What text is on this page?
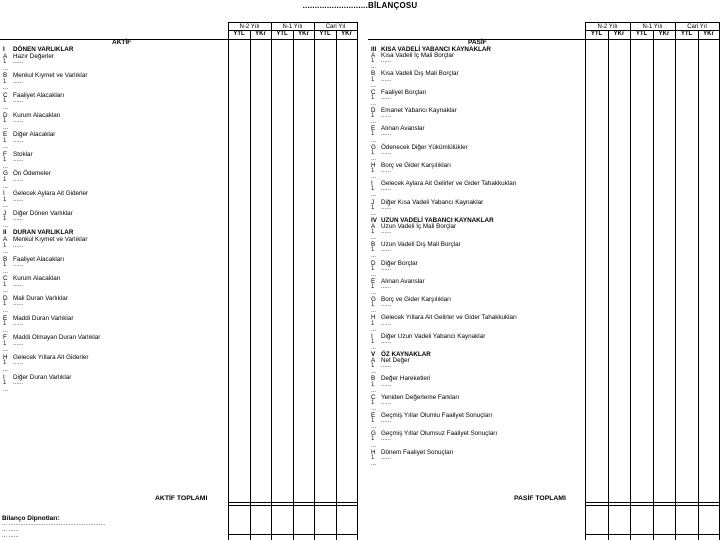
...........................BİLANÇOSU
N-2 Yılı	N-1 Yılı	Cari Yıl
YTL	YKr	YTL	YKr	YTL	YKr
AKTİF
I	DÖNEN VARLIKLAR
A Hazır Değerler
1	......
...
B Menkul Kıymet ve Varlıklar
1	......
...
C Faaliyet Alacakları
1	......
...
D Kurum Alacakları
1	......
...
E Diğer Alacaklar
1	......
...
F Stoklar
1	......
...
G Ön Ödemeler
1	......
...
I	Gelecek Aylara Ait Giderler
1	......
...
J	Diğer Dönen Varlıklar
1	......
...
II	DURAN VARLIKLAR
A Menkul Kıymet ve Varlıklar
1	......
...
B Faaliyet Alacakları
1	......
...
C Kurum Alacakları
1	......
...
D Mali Duran Varlıklar
1	......
...
E Maddi Duran Varlıklar
1	......
...
F Maddi Olmayan Duran Varlıklar
1	......
...
H Gelecek Yıllara Ait Giderler
1	......
...
I	Diğer Duran Varlıklar
1	......
...
AKTİF TOPLAMI
N-2 Yılı	N-1 Yılı	Cari Yıl
YTL	YKr	YTL	YKr	YTL	YKr
PASİF
III KISA VADELİ YABANCI KAYNAKLAR
A Kısa Vadeli İç Mali Borçlar
1	......
...
B Kısa Vadeli Dış Mali Borçlar
1	......
...
C Faaliyet Borçları
1	......
...
D Emanet Yabancı Kaynaklar
1	......
...
E Alınan Avanslar
1	......
...
G Ödenecek Diğer Yükümlülükler
1	......
...
H Borç ve Gider Karşılıkları
1	......
...
I	Gelecek Aylara Ait Gelirler ve Gider Tahakkukları
1	......
...
J	Diğer Kısa Vadeli Yabancı Kaynaklar
1	......
...
IV UZUN VADELİ YABANCI KAYNAKLAR
A Uzun Vadeli İç Mali Borçlar
1	......
...
B Uzun Vadeli Dış Mali Borçlar
1	......
...
D Diğer Borçlar
1	......
...
E Alınan Avanslar
1	......
...
G Borç ve Gider Karşılıkları
1	......
...
H Gelecek Yıllara Ait Gelirler ve Gider Tahakkukları
1	......
...
I	Diğer Uzun Vadeli Yabancı Kaynaklar
1	......
...
V ÖZ KAYNAKLAR
A Net Değer
1	......
...
B Değer Hareketleri
1	......
...
C Yeniden Değerleme Farkları
1	......
...
E Geçmiş Yıllar Olumlu Faaliyet Sonuçları
1	......
...
G Geçmiş Yıllar Olumsuz Faaliyet Sonuçları
1	......
...
H Dönem Faaliyet Sonuçları
1	......
...
PASİF TOPLAMI
Bilanço Dipnotları:
... ..........................................................
... ......
... ......
